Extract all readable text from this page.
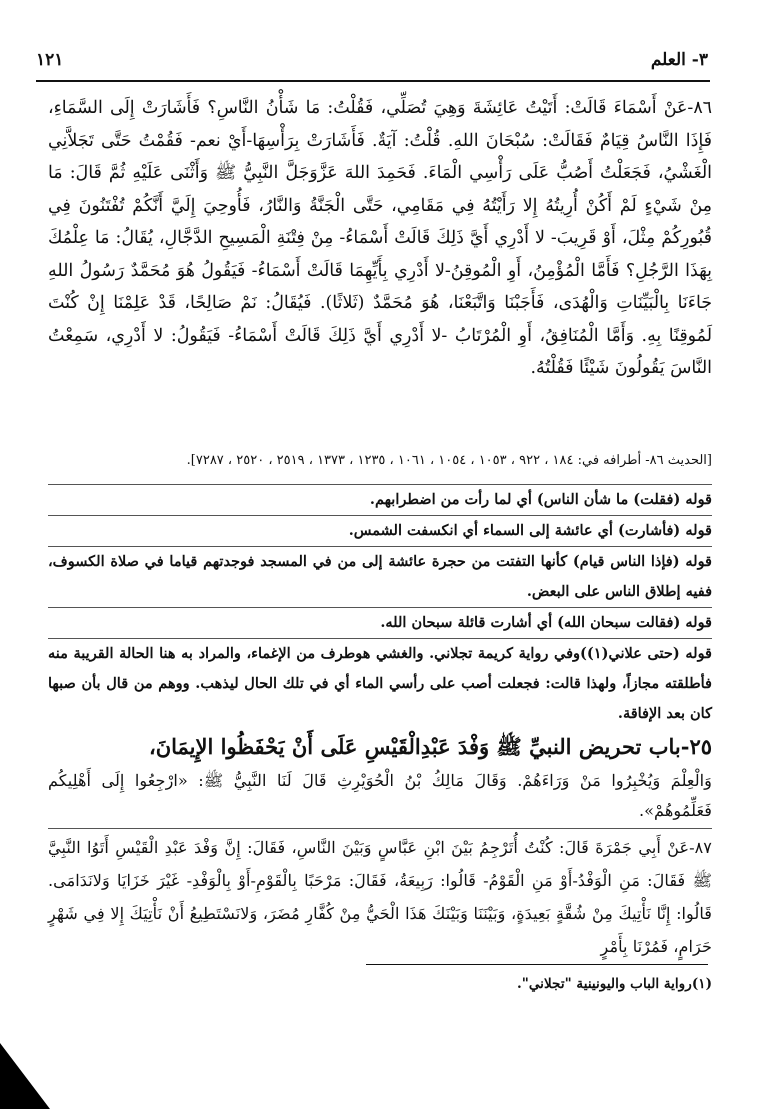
٣- العلم
١٢١

٨٦-عَنْ أَسْمَاءَ قَالَتْ: أَتَيْتُ عَائِشَةَ وَهِيَ تُصَلِّي، فَقُلْتُ: مَا شَأْنُ النَّاسِ؟ فَأَشَارَتْ إِلَى السَّمَاءِ، فَإِذَا النَّاسُ قِيَامٌ فَقَالَتْ: سُبْحَانَ اللهِ. قُلْتُ: آيَةٌ. فَأَشَارَتْ بِرَأْسِهَا-أَيْ نعم- فَقُمْتُ حَتَّى تَجَلاَّنِي الْغَشْيُ، فَجَعَلْتُ أَصُبُّ عَلَى رَأْسِي الْمَاءَ. فَحَمِدَ اللهَ عَزَّوَجَلَّ النَّبِيُّ ﷺ وَأَثْنَى عَلَيْهِ ثُمَّ قَالَ: مَا مِنْ شَيْءٍ لَمْ أَكُنْ أُرِيتُهُ إِلا رَأَيْتُهُ فِي مَقَامِي، حَتَّى الْجَنَّةُ وَالنَّارُ، فَأُوحِيَ إِلَيَّ أَنَّكُمْ تُفْتَنُونَ فِي قُبُورِكُمْ مِثْلَ، أَوْ قَرِيبَ- لا أَدْرِي أَيَّ ذَلِكَ قَالَتْ أَسْمَاءُ- مِنْ فِتْنَةِ الْمَسِيحِ الدَّجَّالِ، يُقَالُ: مَا عِلْمُكَ بِهَذَا الرَّجُلِ؟ فَأَمَّا الْمُؤْمِنُ، أَوِ الْمُوقِنُ-لا أَدْرِي بِأَيِّهِمَا قَالَتْ أَسْمَاءُ- فَيَقُولُ هُوَ مُحَمَّدٌ رَسُولُ اللهِ جَاءَنَا بِالْبَيِّنَاتِ وَالْهُدَى، فَأَجَبْنَا وَاتَّبَعْنَا، هُوَ مُحَمَّدٌ (ثَلاثًا). فَيُقَالُ: نَمْ صَالِحًا، قَدْ عَلِمْنَا إِنْ كُنْتَ لَمُوقِنًا بِهِ. وَأَمَّا الْمُنَافِقُ، أَوِ الْمُرْتَابُ -لا أَدْرِي أَيَّ ذَلِكَ قَالَتْ أَسْمَاءُ- فَيَقُولُ: لا أَدْرِي، سَمِعْتُ النَّاسَ يَقُولُونَ شَيْئًا فَقُلْتُهُ.

[الحديث ٨٦- أطرافه في: ١٨٤ ، ٩٢٢ ، ١٠٥٣ ، ١٠٥٤ ، ١٠٦١ ، ١٢٣٥ ، ١٣٧٣ ، ٢٥١٩ ، ٢٥٢٠ ، ٧٢٨٧].

قوله (فقلت) ما شأن الناس) أي لما رأت من اضطرابهم.

قوله (فأشارت) أي عائشة إلى السماء أي انكسفت الشمس.

قوله (فإذا الناس قيام) كأنها التفتت من حجرة عائشة إلى من في المسجد فوجدتهم قياما في صلاة الكسوف، ففيه إطلاق الناس على البعض.

قوله (فقالت سبحان الله) أي أشارت قائلة سبحان الله.

قوله (حتى علاني(١))وفي رواية كريمة تجلاني. والغشي هوطرف من الإغماء، والمراد به هنا الحالة القريبة منه فأطلقته مجازاً، ولهذا قالت: فجعلت أصب على رأسي الماء أي في تلك الحال ليذهب. ووهم من قال بأن صبها كان بعد الإفاقة.

٢٥-باب تحريض النبيِّ ﷺ وَفْدَ عَبْدِالْقَيْسِ عَلَى أَنْ يَحْفَظُوا الإِيمَانَ،

وَالْعِلْمَ وَيُخْبِرُوا مَنْ وَرَاءَهُمْ. وَقَالَ مَالِكُ بْنُ الْحُوَيْرِثِ قَالَ لَنَا النَّبِيُّ ﷺ: «ارْجِعُوا إِلَى أَهْلِيكُم فَعَلِّمُوهُمْ».

٨٧-عَنْ أَبِي جَمْرَةَ قَالَ: كُنْتُ أُتَرْجِمُ بَيْنَ ابْنِ عَبَّاسٍ وَبَيْنَ النَّاسِ، فَقَالَ: إِنَّ وَفْدَ عَبْدِ الْقَيْسِ أَتَوُا النَّبِيَّ ﷺ فَقَالَ: مَنِ الْوَفْدُ-أَوْ مَنِ الْقَوْمُ- قَالُوا: رَبِيعَةُ، فَقَالَ: مَرْحَبًا بِالْقَوْمِ-أَوْ بِالْوَفْدِ- غَيْرَ خَزَايَا وَلانَدَامَى. قَالُوا: إِنَّا نَأْتِيكَ مِنْ شُقَّةٍ بَعِيدَةٍ، وَبَيْنَنَا وَبَيْنَكَ هَذَا الْحَيُّ مِنْ كُفَّارِ مُضَرَ، وَلانَسْتَطِيعُ أَنْ نَأْتِيَكَ إِلا فِي شَهْرٍ حَرَامٍ، فَمُرْنَا بِأَمْرٍ

(١)رواية الباب واليونينية "تجلاني".
